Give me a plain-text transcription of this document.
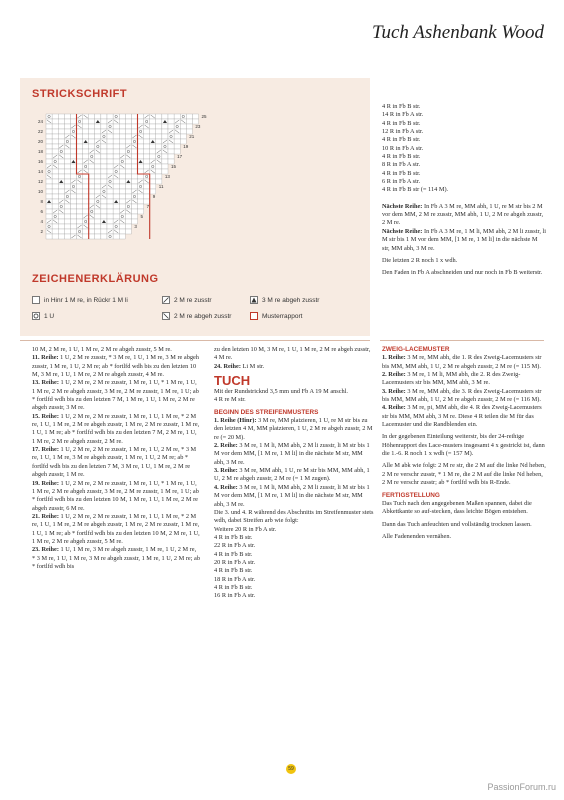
Tuch Ashenbank Wood
STRICKSCHRIFT
24
22
20
18
16
14
12
10
8
6
4
2
25
23
21
19
17
15
13
11
9
7
5
3
ZEICHENERKLÄRUNG
in Hinr 1 M re, in Rückr 1 M li	2 M re zusstr	3 M re abgeh zusstr
1 U	2 M re abgeh zusstr	Musterrapport

10 M, 2 M re, 1 U, 1 M re, 2 M re abgeh zusstr, 5 M re.

11. Reihe: 1 U, 2 M re zusstr, * 3 M re, 1 U, 1 M re, 3 M re abgeh zusstr, 1 M re, 1 U, 2 M re; ab * fortlfd wdh bis zu den letzten 10 M, 3 M re, 1 U, 1 M re, 2 M re abgeh zusstr, 4 M re.

13. Reihe: 1 U, 2 M re, 2 M re zusstr, 1 M re, 1 U, * 1 M re, 1 U, 1 M re, 2 M re abgeh zusstr, 3 M re, 2 M re zusstr, 1 M re, 1 U; ab * fortlfd wdh bis zu den letzten 7 M, 1 M re, 1 U, 1 M re, 2 M re abgeh zusstr, 3 M re.

15. Reihe: 1 U, 2 M re, 2 M re zusstr, 1 M re, 1 U, 1 M re, * 2 M re, 1 U, 1 M re, 2 M re abgeh zusstr, 1 M re, 2 M re zusstr, 1 M re, 1 U, 1 M re; ab * fortlfd wdh bis zu den letzten 7 M, 2 M re, 1 U, 1 M re, 2 M re abgeh zusstr, 2 M re.

17. Reihe: 1 U, 2 M re, 2 M re zusstr, 1 M re, 1 U, 2 M re, * 3 M re, 1 U, 1 M re, 3 M re abgeh zusstr, 1 M re, 1 U, 2 M re; ab * fortlfd wdh bis zu den letzten 7 M, 3 M re, 1 U, 1 M re, 2 M re abgeh zusstr, 1 M re.

19. Reihe: 1 U, 2 M re, 2 M re zusstr, 1 M re, 1 U, * 1 M re, 1 U, 1 M re, 2 M re abgeh zusstr, 3 M re, 2 M re zusstr, 1 M re, 1 U; ab * fortlfd wdh bis zu den letzten 10 M, 1 M re, 1 U, 1 M re, 2 M re abgeh zusstr, 6 M re.

21. Reihe: 1 U, 2 M re, 2 M re zusstr, 1 M re, 1 U, 1 M re, * 2 M re, 1 U, 1 M re, 2 M re abgeh zusstr, 1 M re, 2 M re zusstr, 1 M re, 1 U, 1 M re; ab * fortlfd wdh bis zu den letzten 10 M, 2 M re, 1 U, 1 M re, 2 M re abgeh zusstr, 5 M re.

23. Reihe: 1 U, 1 M re, 3 M re abgeh zusstr, 1 M re, 1 U, 2 M re, * 3 M re, 1 U, 1 M re, 3 M re abgeh zusstr, 1 M re, 1 U, 2 M re; ab * fortlfd wdh bis

zu den letzten 10 M, 3 M re, 1 U, 1 M re, 2 M re abgeh zusstr, 4 M re.

24. Reihe: Li M str.

TUCH

Mit der Rundstricknd 3,5 mm und Fb A 19 M anschl.

4 R re M str.

BEGINN DES STREIFENMUSTERS

1. Reihe (Hinr): 3 M re, MM platzieren, 1 U, re M str bis zu den letzten 4 M, MM platzieren, 1 U, 2 M re abgeh zusstr, 2 M re (= 20 M).

2. Reihe: 3 M re, 1 M li, MM abh, 2 M li zusstr, li M str bis 1 M vor dem MM, [1 M re, 1 M li] in die nächste M str, MM abh, 3 M re.

3. Reihe: 3 M re, MM abh, 1 U, re M str bis MM, MM abh, 1 U, 2 M re abgeh zusstr, 2 M re (= 1 M zugen).

4. Reihe: 3 M re, 1 M li, MM abh, 2 M li zusstr, li M str bis 1 M vor dem MM, [1 M re, 1 M li] in die nächste M str, MM abh, 3 M re.

Die 3. und 4. R während des Abschnitts im Streifenmuster stets wdh, dabei Streifen arb wie folgt:

Weitere 20 R in Fb A str.

4 R in Fb B str.

22 R in Fb A str.

4 R in Fb B str.

20 R in Fb A str.

4 R in Fb B str.

18 R in Fb A str.

4 R in Fb B str.

16 R in Fb A str.

4 R in Fb B str.

14 R in Fb A str.

4 R in Fb B str.

12 R in Fb A str.

4 R in Fb B str.

10 R in Fb A str.

4 R in Fb B str.

8 R in Fb A str.

4 R in Fb B str.

6 R in Fb A str.

4 R in Fb B str (= 114 M).

Nächste Reihe: In Fb A 3 M re, MM abh, 1 U, re M str bis 2 M vor dem MM, 2 M re zusstr, MM abh, 1 U, 2 M re abgeh zusstr, 2 M re.

Nächste Reihe: In Fb A 3 M re, 1 M li, MM abh, 2 M li zusstr, li M str bis 1 M vor dem MM, [1 M re, 1 M li] in die nächste M str, MM abh, 3 M re.

Die letzten 2 R noch 1 x wdh.

Den Faden in Fb A abschneiden und nur noch in Fb B weiterstr.

ZWEIG-LACEMUSTER

1. Reihe: 3 M re, MM abh, die 1. R des Zweig-Lacemusters str bis MM, MM abh, 1 U, 2 M re abgeh zusstr, 2 M re (= 115 M).

2. Reihe: 3 M re, 1 M li, MM abh, die 2. R des Zweig-Lacemusters str bis MM, MM abh, 3 M re.

3. Reihe: 3 M re, MM abh, die 3. R des Zweig-Lacemusters str bis MM, MM abh, 1 U, 2 M re abgeh zusstr, 2 M re (= 116 M).

4. Reihe: 3 M re, pi, MM abh, die 4. R des Zweig-Lacemusters str bis MM, MM abh, 3 M re. Diese 4 R teilen die M für das Lacemuster und die Randblenden ein.

In der gegebenen Einteilung weiterstr, bis der 24-reihige Höhenrapport des Lace-musters insgesamt 4 x gestrickt ist, dann die 1.-6. R noch 1 x wdh (= 157 M).

Alle M abk wie folgt: 2 M re str, die 2 M auf die linke Nd heben, 2 M re verschr zusstr, * 1 M re, die 2 M auf die linke Nd heben, 2 M re verschr zusstr; ab * fortlfd wdh bis R-Ende.

FERTIGSTELLUNG

Das Tuch nach den angegebenen Maßen spannen, dabei die Abkettkante so auf-stecken, dass leichte Bögen entstehen.

Dann das Tuch anfeuchten und vollständig trocknen lassen.

Alle Fadenenden vernähen.

59
PassionForum.ru
